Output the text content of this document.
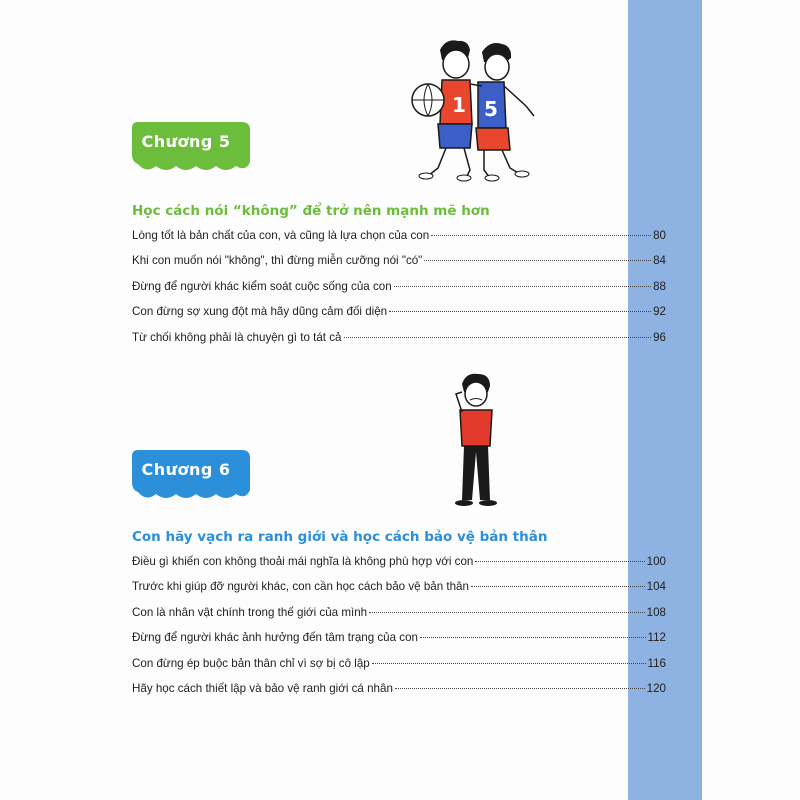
1 5
Chương 5
Học cách nói “không” để trở nên mạnh mẽ hơn
Lòng tốt là bản chất của con, và cũng là lựa chọn của con	80
Khi con muốn nói "không", thì đừng miễn cưỡng nói "có"	84
Đừng để người khác kiểm soát cuộc sống của con	88
Con đừng sợ xung đột mà hãy dũng cảm đối diện	92
Từ chối không phải là chuyện gì to tát cả	96
Chương 6
Con hãy vạch ra ranh giới và học cách bảo vệ bản thân
Điều gì khiến con không thoải mái nghĩa là không phù hợp với con	100
Trước khi giúp đỡ người khác, con cần học cách bảo vệ bản thân	104
Con là nhân vật chính trong thế giới của mình	108
Đừng để người khác ảnh hưởng đến tâm trạng của con	112
Con đừng ép buộc bản thân chỉ vì sợ bị cô lập	116
Hãy học cách thiết lập và bảo vệ ranh giới cá nhân	120
